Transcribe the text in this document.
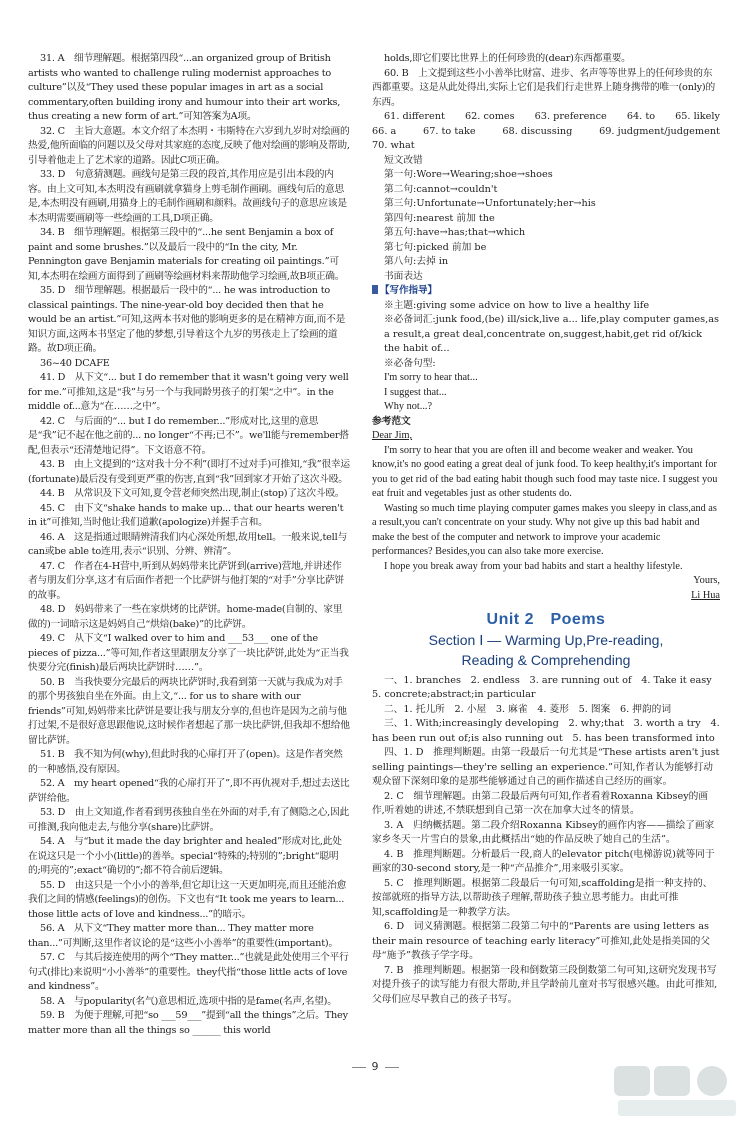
31. A　细节理解题。根据第四段“...an organized group of British artists who wanted to challenge ruling modernist approaches to culture”以及“They used these popular images in art as a social commentary,often building irony and humour into their art works, thus creating a new form of art.”可知答案为A项。

32. C　主旨大意题。本文介绍了本杰明・韦斯特在六岁到九岁时对绘画的热爱,他所面临的问题以及父母对其家庭的态度,反映了他对绘画的影响及帮助,引导着他走上了艺术家的道路。因此C项正确。

33. D　句意猜测题。画线句是第三段的段首,其作用应是引出本段的内容。由上文可知,本杰明没有画刷就拿猫身上剪毛制作画刷。画线句后的意思是,本杰明没有画刷,用猫身上的毛制作画刷和颜料。故画线句子的意思应该是本杰明需要画刷等一些绘画的工具,D项正确。

34. B　细节理解题。根据第三段中的“...he sent Benjamin a box of paint and some brushes.”以及最后一段中的“In the city, Mr. Pennington gave Benjamin materials for creating oil paintings.”可知,本杰明在绘画方面得到了画刷等绘画材料来帮助他学习绘画,故B项正确。

35. D　细节理解题。根据最后一段中的“... he was introduction to classical paintings. The nine-year-old boy decided then that he would be an artist.”可知,这两本书对他的影响更多的是在精神方面,而不是知识方面,这两本书坚定了他的梦想,引导着这个九岁的男孩走上了绘画的道路。故D项正确。

36~40 DCAFE

41. D　从下文“... but I do remember that it wasn't going very well for me.”可推知,这是“我”与另一个与我同龄男孩子的打架“之中”。in the middle of...意为“在……之中”。

42. C　与后面的“... but I do remember...”形成对比,这里的意思是“我”记不起在他之前的... no longer“不再;已不”。we'll能与remember搭配,但表示“还清楚地记得”。下文语意不符。

43. B　由上文提到的“这对我十分不利”(即打不过对手)可推知,“我”很幸运(fortunate)最后没有受到更严重的伤害,直到“我”回到家才开始了这次斗殴。

44. B　从常识及下文可知,夏令营老师突然出现,制止(stop)了这次斗殴。

45. C　由下文“shake hands to make up... that our hearts weren't in it”可推知,当时他让我们道歉(apologize)并握手言和。

46. A　这是指通过眼睛辨清我们内心深处所想,故用tell。一般来说,tell与can或be able to连用,表示“识别、分辨、辨清”。

47. C　作者在4-H营中,听到从妈妈带来比萨饼到(arrive)营地,并讲述作者与朋友们分享,这才有后面作者把一个比萨饼与他打架的“对手”分享比萨饼的故事。

48. D　妈妈带来了一些在家烘烤的比萨饼。home-made(自制的、家里做的)一词暗示这是妈妈自己“烘焙(bake)”的比萨饼。

49. C　从下文“I walked over to him and ___53___ one of the pieces of pizza...”等可知,作者这里跟朋友分享了一块比萨饼,此处为“正当我快要分完(finish)最后两块比萨饼时……”。

50. B　当我快要分完最后的两块比萨饼时,我看到第一天就与我成为对手的那个男孩独自坐在外面。由上文,“... for us to share with our friends”可知,妈妈带来比萨饼是要让我与朋友分享的,但也许是因为之前与他打过架,不是很好意思跟他说,这时候作者想起了那一块比萨饼,但我却不想给他留比萨饼。

51. B　我不知为何(why),但此时我的心扉打开了(open)。这是作者突然的一种感悟,没有原因。

52. A　my heart opened“我的心扉打开了”,即不再仇视对手,想过去送比萨饼给他。

53. D　由上文知道,作者看到男孩独自坐在外面的对手,有了侧隐之心,因此可推测,我向他走去,与他分享(share)比萨饼。

54. A　与“but it made the day brighter and healed”形成对比,此处在说这只是一个小小(little)的善举。special“特殊的;特别的”;bright“聪明的;明亮的”;exact“确切的”;都不符合前后逻辑。

55. D　由这只是一个小小的善举,但它却让这一天更加明亮,而且还能治愈我们之间的情感(feelings)的创伤。下文也有“It took me years to learn... those little acts of love and kindness...”的暗示。

56. A　从下文“They matter more than... They matter more than...”可判断,这里作者议论的是“这些小小善举”的重要性(important)。

57. C　与其后接连使用的两个“They matter...”也就是此处使用三个平行句式(排比)来说明“小小善举”的重要性。they代指“those little acts of love and kindness”。

58. A　与popularity(名气)意思相近,选项中指的是fame(名声,名望)。

59. B　为便于理解,可把“so ___59___”提到“all the things”之后。They matter more than all the things so ______ this world

holds,即它们要比世界上的任何珍贵的(dear)东西都重要。

60. B　上文提到这些小小善举比财富、进步、名声等等世界上的任何珍贵的东西都重要。这是从此处得出,实际上它们是我们行走世界上随身携带的唯一(only)的东西。

61. different 62. comes 63. preference 64. to 65. likely
66. a	67. to take	68. discussing	69. judgment/judgement

70. what

短文改错

第一句:Wore→Wearing;shoe→shoes
第二句:cannot→couldn't
第三句:Unfortunate→Unfortunately;her→his
第四句:nearest 前加 the
第五句:have→has;that→which
第七句:picked 前加 be
第八句:去掉 in

书面表达

【写作指导】

※主题:giving some advice on how to live a healthy life
※必备词汇:junk food,(be) ill/sick,live a... life,play computer games,as a result,a great deal,concentrate on,suggest,habit,get rid of/kick the habit of...
※必备句型:
I'm sorry to hear that...
I suggest that...
Why not...?

参考范文

Dear Jim,

I'm sorry to hear that you are often ill and become weaker and weaker. You know,it's no good eating a great deal of junk food. To keep healthy,it's important for you to get rid of the bad eating habit though such food may taste nice. I suggest you eat fruit and vegetables just as other students do.

Wasting so much time playing computer games makes you sleepy in class,and as a result,you can't concentrate on your study. Why not give up this bad habit and make the best of the computer and network to improve your academic performances? Besides,you can also take more exercise.

I hope you break away from your bad habits and start a healthy lifestyle.

Yours,
Li Hua
Unit 2　Poems
Section Ⅰ — Warming Up,Pre-reading,
Reading & Comprehending

一、1. branches　2. endless　3. are running out of　4. Take it easy　5. concrete;abstract;in particular

二、1. 托儿所　2. 小屋　3. 麻雀　4. 菱形　5. 图案　6. 押韵的词

三、1. With;increasingly developing　2. why;that　3. worth a try　4. has been run out of;is also running out　5. has been transformed into

四、1. D　推理判断题。由第一段最后一句尤其是“These artists aren't just selling paintings—they're selling an experience.”可知,作者认为能够打动观众留下深刻印象的是那些能够通过自己的画作描述自己经历的画家。

2. C　细节理解题。由第二段最后两句可知,作者看着Roxanna Kibsey的画作,听着她的讲述,不禁联想到自己第一次在加拿大过冬的情景。

3. A　归纳概括题。第二段介绍Roxanna Kibsey的画作内容——描绘了画家家乡冬天一片雪白的景象,由此概括出“她的作品反映了她自己的生活”。

4. B　推理判断题。分析最后一段,商人的elevator pitch(电梯游说)就等同于画家的30-second story,是一种“产品推介”,用来吸引买家。

5. C　推理判断题。根据第二段最后一句可知,scaffolding是指一种支持的、按部就班的指导方法,以帮助孩子理解,帮助孩子独立思考能力。由此可推知,scaffolding是一种教学方法。

6. D　词义猜测题。根据第二段第二句中的“Parents are using letters as their main resource of teaching early literacy”可推知,此处是指美国的父母“施予”教孩子学字母。

7. B　推理判断题。根据第一段和倒数第三段倒数第二句可知,这研究发现书写对提升孩子的读写能力有很大帮助,并且学龄前儿童对书写很感兴趣。由此可推知,父母们应尽早教自己的孩子书写。

9
